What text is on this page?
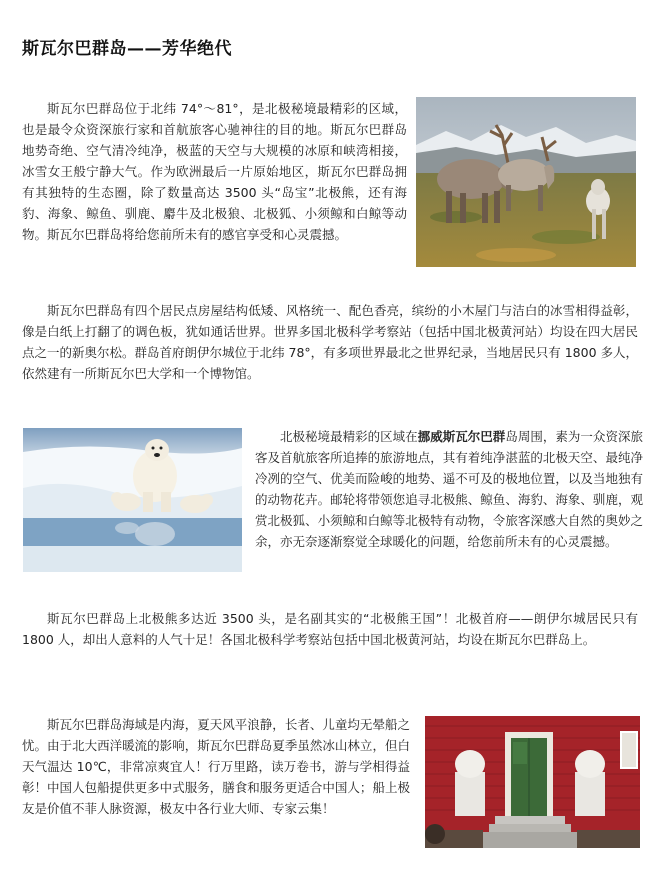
斯瓦尔巴群岛——芳华绝代

斯瓦尔巴群岛位于北纬 74°～81°，是北极秘境最精彩的区域，也是最令众资深旅行家和首航旅客心驰神往的目的地。斯瓦尔巴群岛地势奇绝、空气清冷纯净，极蓝的天空与大规模的冰原和峡湾相接，冰雪女王般宁静大气。作为欧洲最后一片原始地区，斯瓦尔巴群岛拥有其独特的生态圈，除了数量高达 3500 头“岛宝”北极熊，还有海豹、海象、鲸鱼、驯鹿、麝牛及北极狼、北极狐、小须鲸和白鲸等动物。斯瓦尔巴群岛将给您前所未有的感官享受和心灵震撼。

斯瓦尔巴群岛有四个居民点房屋结构低矮、风格统一、配色香亮，缤纷的小木屋门与洁白的冰雪相得益彰，像是白纸上打翻了的调色板，犹如通话世界。世界多国北极科学考察站（包括中国北极黄河站）均设在四大居民点之一的新奥尔松。群岛首府朗伊尔城位于北纬 78°，有多项世界最北之世界纪录，当地居民只有 1800 多人，依然建有一所斯瓦尔巴大学和一个博物馆。

北极秘境最精彩的区域在挪威斯瓦尔巴群岛周围，素为一众资深旅客及首航旅客所追捧的旅游地点，其有着纯净湛蓝的北极天空、最纯净冷冽的空气、优美而险峻的地势、遥不可及的极地位置，以及当地独有的动物花卉。邮轮将带领您追寻北极熊、鲸鱼、海豹、海象、驯鹿，观赏北极狐、小须鲸和白鲸等北极特有动物，令旅客深感大自然的奥妙之余，亦无奈逐渐察觉全球暖化的问题，给您前所未有的心灵震撼。

斯瓦尔巴群岛上北极熊多达近 3500 头，是名副其实的“北极熊王国”！北极首府——朗伊尔城居民只有 1800 人，却出人意料的人气十足！各国北极科学考察站包括中国北极黄河站，均设在斯瓦尔巴群岛上。

斯瓦尔巴群岛海域是内海，夏天风平浪静，长者、儿童均无晕船之忧。由于北大西洋暖流的影响，斯瓦尔巴群岛夏季虽然冰山林立，但白天气温达 10℃，非常凉爽宜人！行万里路，读万卷书，游与学相得益彰！中国人包船提供更多中式服务，膳食和服务更适合中国人；船上极友是价值不菲人脉资源，极友中各行业大师、专家云集！
